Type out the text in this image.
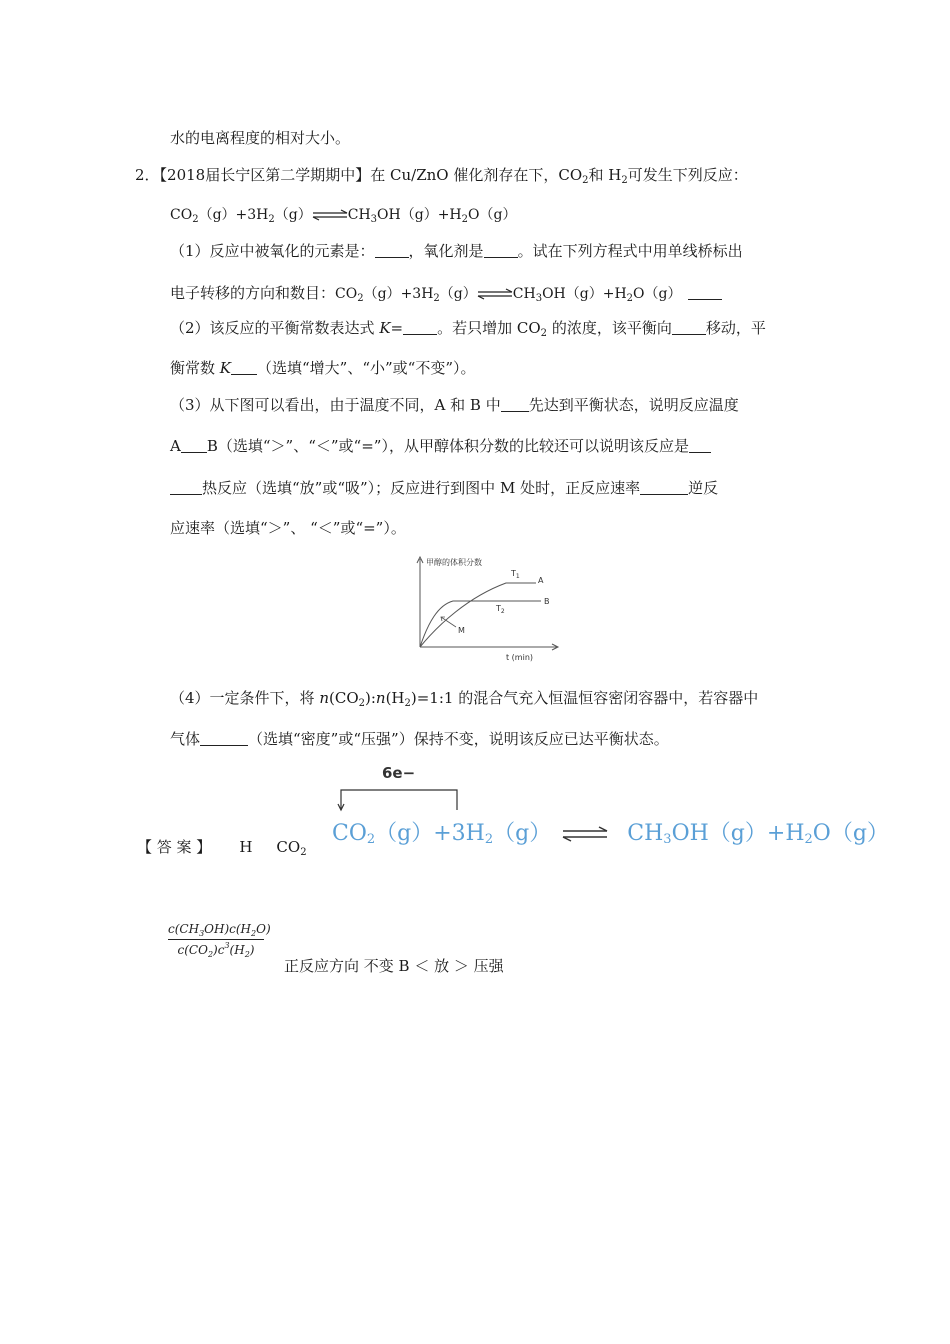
水的电离程度的相对大小。
2．【2018届长宁区第二学期期中】在 Cu/ZnO 催化剂存在下，$CO_2$和 $H_2$可发生下列反应：
$CO_2(g)+3H_2(g)\rightleftharpoons CH_3OH(g)+H_2O(g)$
（1）反应中被氧化的元素是： ，氧化剂是 。试在下列方程式中用单线桥标出
电子转移的方向和数目：$CO_2(g)+3H_2(g)\rightleftharpoons CH_3OH(g)+H_2O(g)$
（2）该反应的平衡常数表达式 K= 。若只增加 $CO_2$ 的浓度，该平衡向 移动，平
衡常数 K （选填“增大”、“小”或“不变”）。
（3）从下图可以看出，由于温度不同，A 和 B 中 先达到平衡状态，说明反应温度
A B（选填“＞”、“＜”或“=”），从甲醇体积分数的比较还可以说明该反应是
热反应（选填“放”或“吸”）；反应进行到图中 M 处时，正反应速率	逆反
应速率（选填“＞”、 “＜”或“=”）。
甲醇的体积分数
t (min)
A
B
$T_1$
$T_2$
M
（4）一定条件下，将 $n(CO_2):n(H_2)=1:1$ 的混合气充入恒温恒容密闭容器中，若容器中
气体	（选填“密度”或“压强”）保持不变，说明该反应已达平衡状态。
【 答 案 】 H $CO_2$
6e−
$CO_2(g)+3H_2(g)$ ⇌ $CH_3OH(g)+H_2O(g)$
$\frac{c(CH_3OH)c(H_2O)}{c(CO_2)c^3(H_2)}$
正反应方向 不变 B ＜ 放 ＞ 压强
